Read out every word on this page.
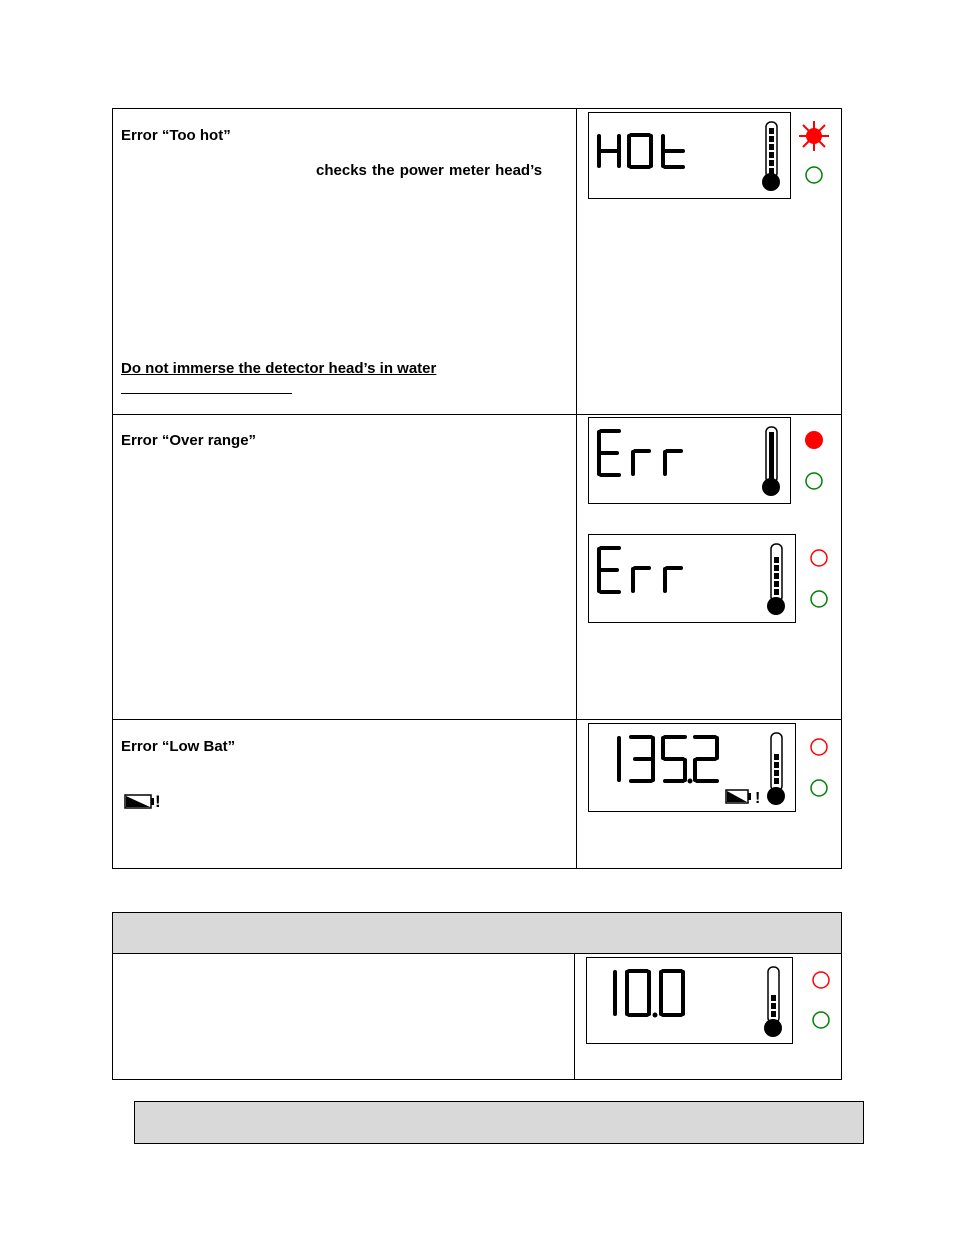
Error “Too hot”
checks the power meter head’s
Do not immerse the detector head’s in water
Error “Over range”
Error “Low Bat”
!	!
